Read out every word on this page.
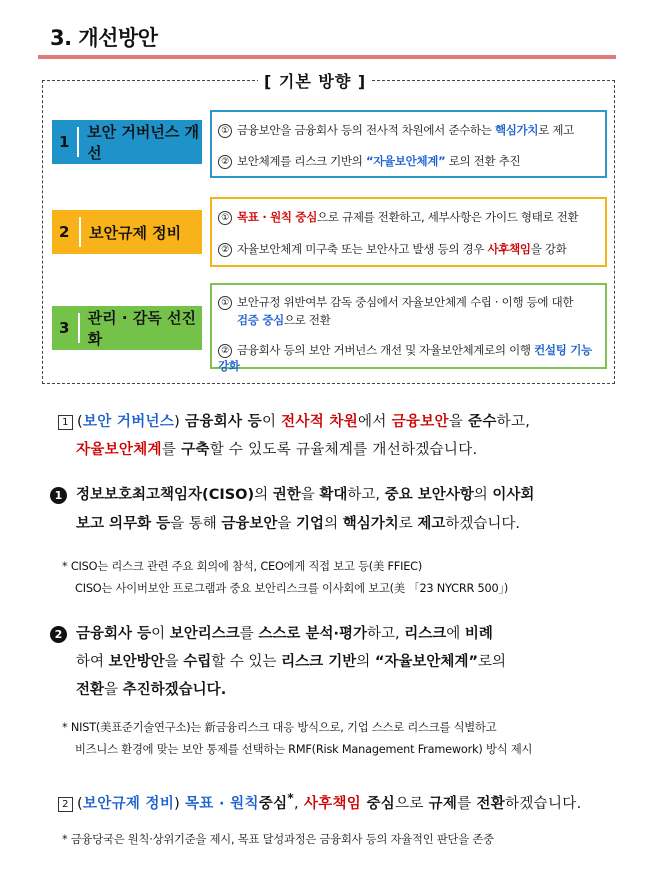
3. 개선방안
[ 기본 방향 ]
1
보안 거버넌스 개선
① 금융보안을 금융회사 등의 전사적 차원에서 준수하는 핵심가치로 제고
② 보안체계를 리스크 기반의 “자율보안체계” 로의 전환 추진
2	보안규제 정비
① 목표 · 원칙 중심으로 규제를 전환하고, 세부사항은 가이드 형태로 전환
② 자율보안체계 미구축 또는 보안사고 발생 등의 경우 사후책임을 강화
3
관리 · 감독 선진화
① 보안규정 위반여부 감독 중심에서 자율보안체계 수립 · 이행 등에 대한
검증 중심으로 전환
② 금융회사 등의 보안 거버넌스 개선 및 자율보안체계로의 이행 컨설팅 기능 강화
1 (보안 거버넌스) 금융회사 등이 전사적 차원에서 금융보안을 준수하고,
자율보안체계를 구축할 수 있도록 규율체계를 개선하겠습니다.
1 정보보호최고책임자(CISO)의 권한을 확대하고, 중요 보안사항의 이사회
보고 의무화 등을 통해 금융보안을 기업의 핵심가치로 제고하겠습니다.
* CISO는 리스크 관련 주요 회의에 참석, CEO에게 직접 보고 등(美 FFIEC)
CISO는 사이버보안 프로그램과 중요 보안리스크를 이사회에 보고(美 「23 NYCRR 500」)
2 금융회사 등이 보안리스크를 스스로 분석·평가하고, 리스크에 비례
하여 보안방안을 수립할 수 있는 리스크 기반의 “자율보안체계”로의
전환을 추진하겠습니다.
* NIST(美표준기술연구소)는 新금융리스크 대응 방식으로, 기업 스스로 리스크를 식별하고
비즈니스 환경에 맞는 보안 통제를 선택하는 RMF(Risk Management Framework) 방식 제시
2 (보안규제 정비) 목표 · 원칙중심*, 사후책임 중심으로 규제를 전환하겠습니다.
* 금융당국은 원칙·상위기준을 제시, 목표 달성과정은 금융회사 등의 자율적인 판단을 존중
